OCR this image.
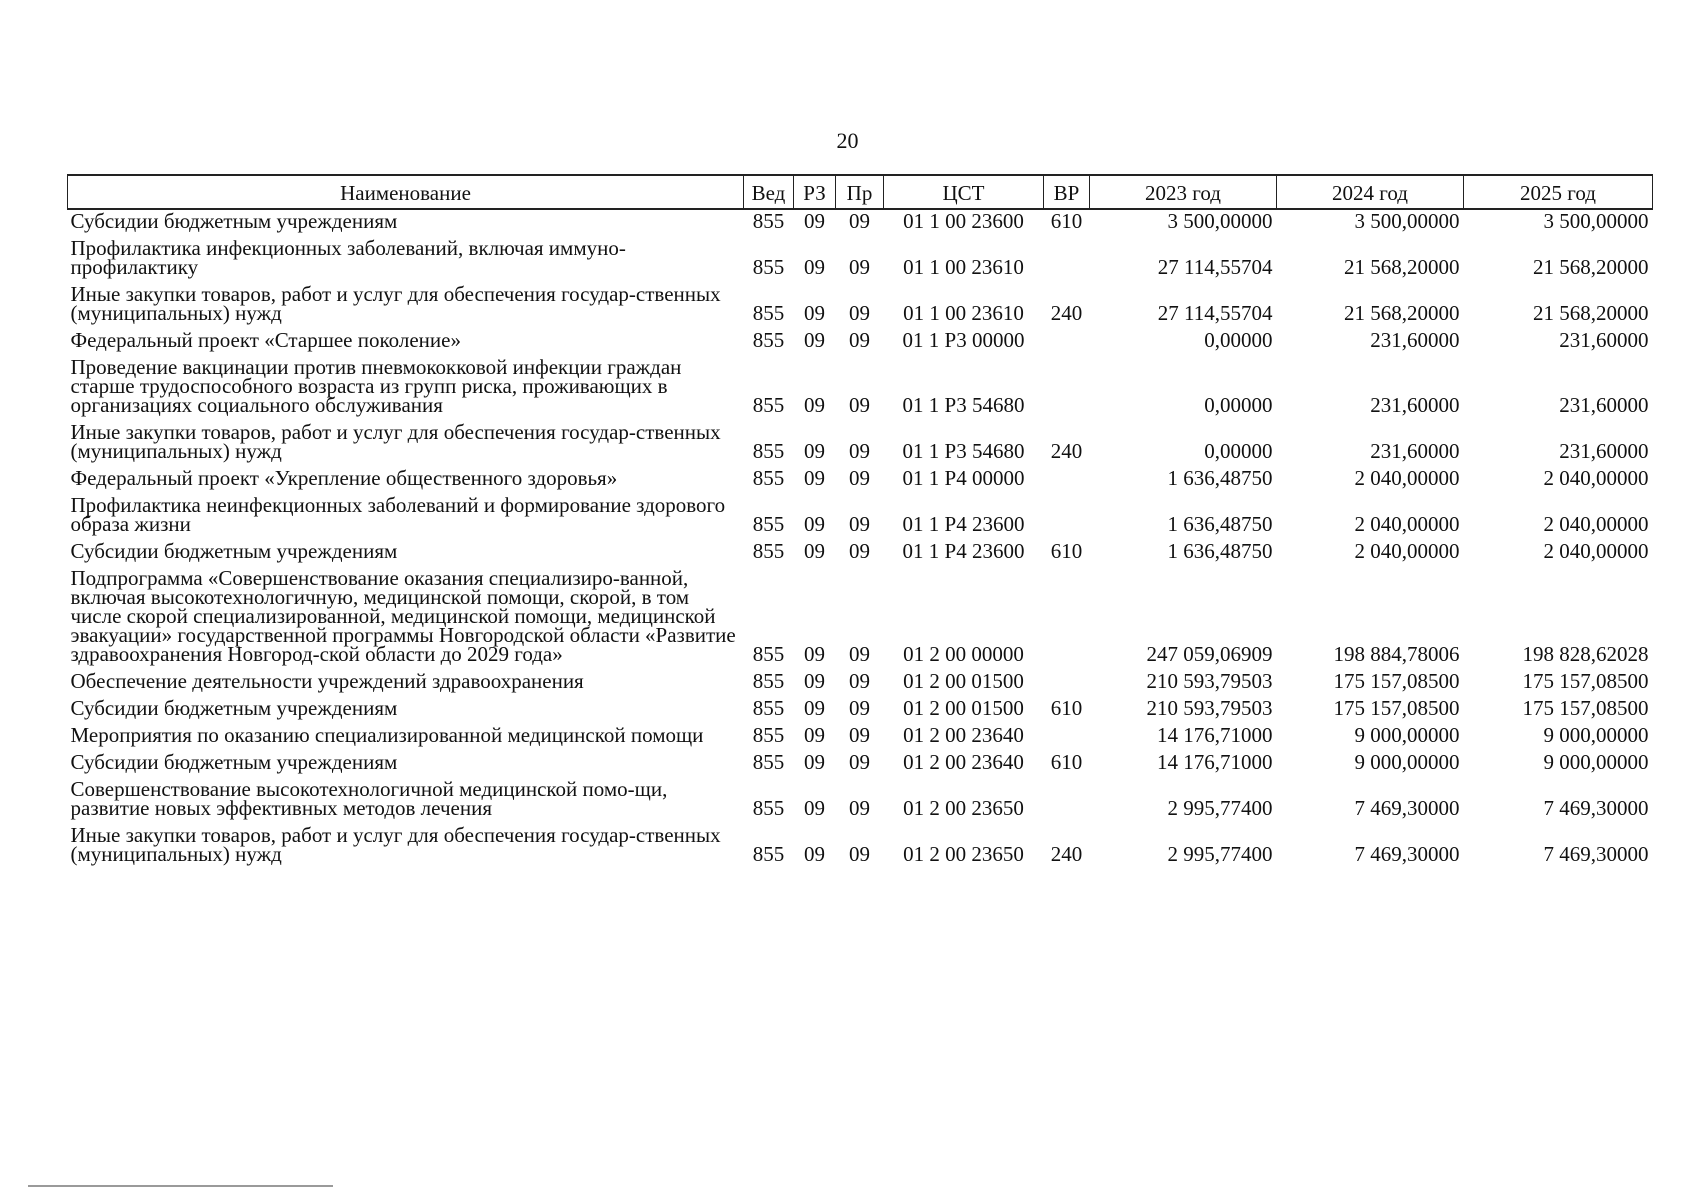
20
Наименование	Вед	РЗ	Пр	ЦСТ	ВР	2023 год	2024 год	2025 год
Субсидии бюджетным учреждениям	855	09	09	01 1 00 23600	610	3 500,00000	3 500,00000	3 500,00000
Профилактика инфекционных заболеваний, включая иммуно-профилактику	855	09	09	01 1 00 23610		27 114,55704	21 568,20000	21 568,20000
Иные закупки товаров, работ и услуг для обеспечения государ-ственных (муниципальных) нужд	855	09	09	01 1 00 23610	240	27 114,55704	21 568,20000	21 568,20000
Федеральный проект «Старшее поколение»	855	09	09	01 1 P3 00000		0,00000	231,60000	231,60000
Проведение вакцинации против пневмококковой инфекции граждан старше трудоспособного возраста из групп риска, проживающих в организациях социального обслуживания	855	09	09	01 1 P3 54680		0,00000	231,60000	231,60000
Иные закупки товаров, работ и услуг для обеспечения государ-ственных (муниципальных) нужд	855	09	09	01 1 P3 54680	240	0,00000	231,60000	231,60000
Федеральный проект «Укрепление общественного здоровья»	855	09	09	01 1 P4 00000		1 636,48750	2 040,00000	2 040,00000
Профилактика неинфекционных заболеваний и формирование здорового образа жизни	855	09	09	01 1 P4 23600		1 636,48750	2 040,00000	2 040,00000
Субсидии бюджетным учреждениям	855	09	09	01 1 P4 23600	610	1 636,48750	2 040,00000	2 040,00000
Подпрограмма «Совершенствование оказания специализиро-ванной, включая высокотехнологичную, медицинской помощи, скорой, в том числе скорой специализированной, медицинской помощи, медицинской эвакуации» государственной программы Новгородской области «Развитие здравоохранения Новгород-ской области до 2029 года»	855	09	09	01 2 00 00000		247 059,06909	198 884,78006	198 828,62028
Обеспечение деятельности учреждений здравоохранения	855	09	09	01 2 00 01500		210 593,79503	175 157,08500	175 157,08500
Субсидии бюджетным учреждениям	855	09	09	01 2 00 01500	610	210 593,79503	175 157,08500	175 157,08500
Мероприятия по оказанию специализированной медицинской помощи	855	09	09	01 2 00 23640		14 176,71000	9 000,00000	9 000,00000
Субсидии бюджетным учреждениям	855	09	09	01 2 00 23640	610	14 176,71000	9 000,00000	9 000,00000
Совершенствование высокотехнологичной медицинской помо-щи, развитие новых эффективных методов лечения	855	09	09	01 2 00 23650		2 995,77400	7 469,30000	7 469,30000
Иные закупки товаров, работ и услуг для обеспечения государ-ственных (муниципальных) нужд	855	09	09	01 2 00 23650	240	2 995,77400	7 469,30000	7 469,30000
